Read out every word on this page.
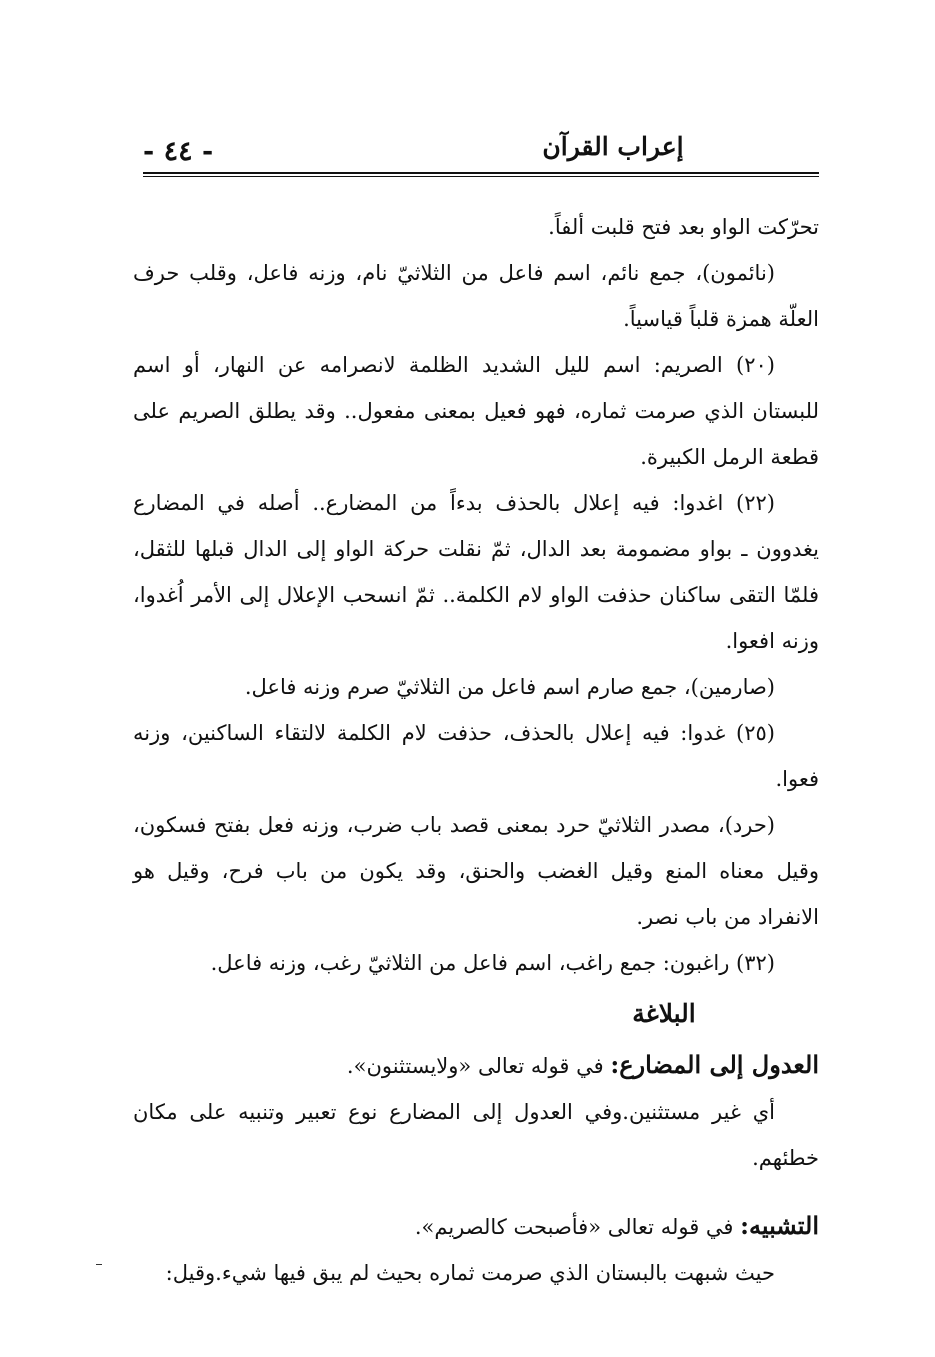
- ٤٤ -	إعراب القرآن

تحرّكت الواو بعد فتح قلبت ألفاً.

(نائمون)، جمع نائم، اسم فاعل من الثلاثيّ نام، وزنه فاعل، وقلب حرف العلّة همزة قلباً قياسياً.

(٢٠) الصريم: اسم لليل الشديد الظلمة لانصرامه عن النهار، أو اسم للبستان الذي صرمت ثماره، فهو فعيل بمعنى مفعول.. وقد يطلق الصريم على قطعة الرمل الكبيرة.

(٢٢) اغدوا: فيه إعلال بالحذف بدءاً من المضارع.. أصله في المضارع يغدوون ـ بواو مضمومة بعد الدال، ثمّ نقلت حركة الواو إلى الدال قبلها للثقل، فلمّا التقى ساكنان حذفت الواو لام الكلمة.. ثمّ انسحب الإعلال إلى الأمر اُغدوا، وزنه افعوا.

(صارمين)، جمع صارم اسم فاعل من الثلاثيّ صرم وزنه فاعل.

(٢٥) غدوا: فيه إعلال بالحذف، حذفت لام الكلمة لالتقاء الساكنين، وزنه فعوا.

(حرد)، مصدر الثلاثيّ حرد بمعنى قصد باب ضرب، وزنه فعل بفتح فسكون، وقيل معناه المنع وقيل الغضب والحنق، وقد يكون من باب فرح، وقيل هو الانفراد من باب نصر.

(٣٢) راغبون: جمع راغب، اسم فاعل من الثلاثيّ رغب، وزنه فاعل.

البلاغة

العدول إلى المضارع: في قوله تعالى «ولايستثنون».

أي غير مستثنين.وفي العدول إلى المضارع نوع تعبير وتنبيه على مكان خطئهم.

التشبيه: في قوله تعالى «فأصبحت كالصريم».

حيث شبهت بالبستان الذي صرمت ثماره بحيث لم يبق فيها شيء.وقيل:
